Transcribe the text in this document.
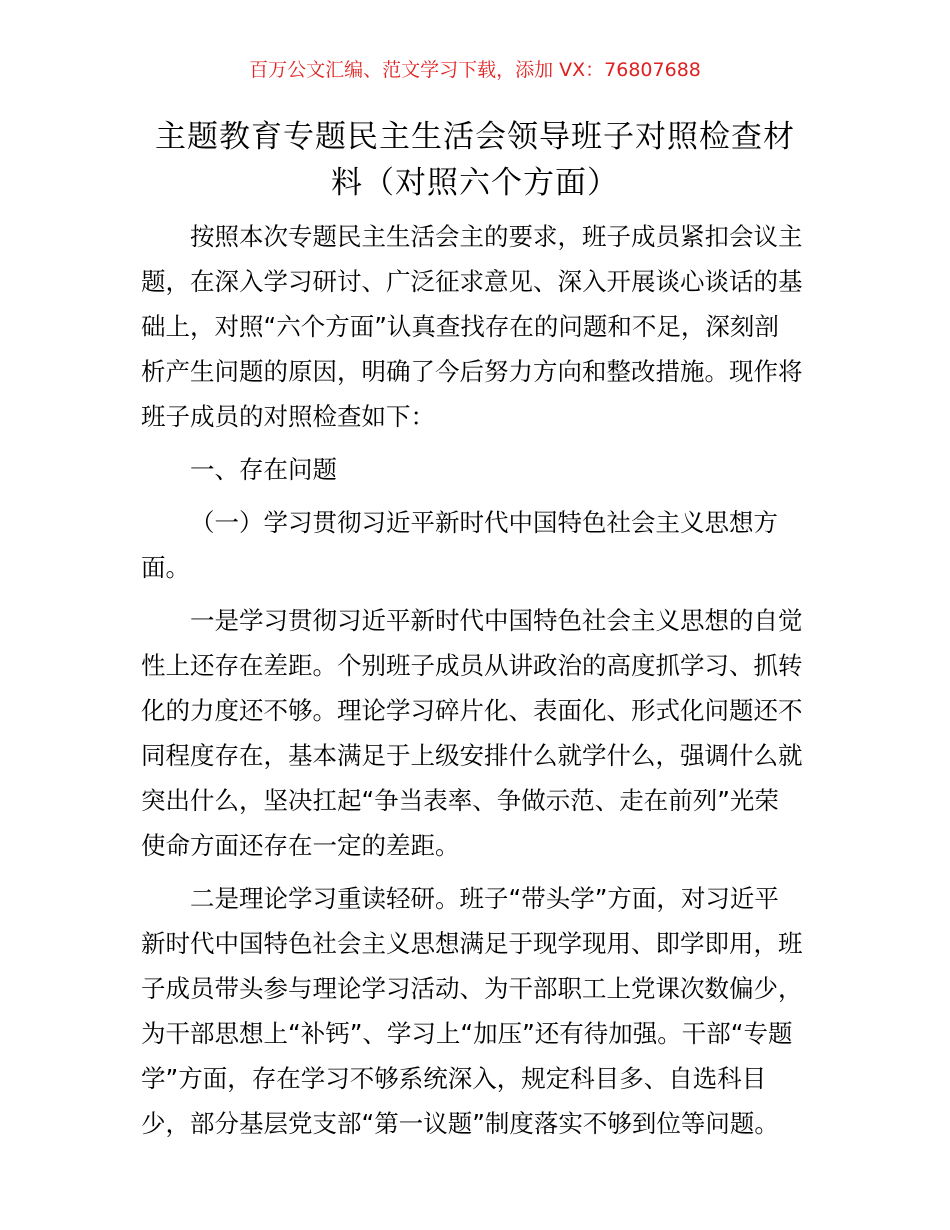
百万公文汇编、范文学习下载，添加 VX：76807688
主题教育专题民主生活会领导班子对照检查材
料（对照六个方面）
按照本次专题民主生活会主的要求，班子成员紧扣会议主
题，在深入学习研讨、广泛征求意见、深入开展谈心谈话的基
础上，对照“六个方面”认真查找存在的问题和不足，深刻剖
析产生问题的原因，明确了今后努力方向和整改措施。现作将
班子成员的对照检查如下：
一、存在问题
（一）学习贯彻习近平新时代中国特色社会主义思想方
面。
一是学习贯彻习近平新时代中国特色社会主义思想的自觉
性上还存在差距。个别班子成员从讲政治的高度抓学习、抓转
化的力度还不够。理论学习碎片化、表面化、形式化问题还不
同程度存在，基本满足于上级安排什么就学什么，强调什么就
突出什么，坚决扛起“争当表率、争做示范、走在前列”光荣
使命方面还存在一定的差距。
二是理论学习重读轻研。班子“带头学”方面，对习近平
新时代中国特色社会主义思想满足于现学现用、即学即用，班
子成员带头参与理论学习活动、为干部职工上党课次数偏少，
为干部思想上“补钙”、学习上“加压”还有待加强。干部“专题
学”方面，存在学习不够系统深入，规定科目多、自选科目
少，部分基层党支部“第一议题”制度落实不够到位等问题。
